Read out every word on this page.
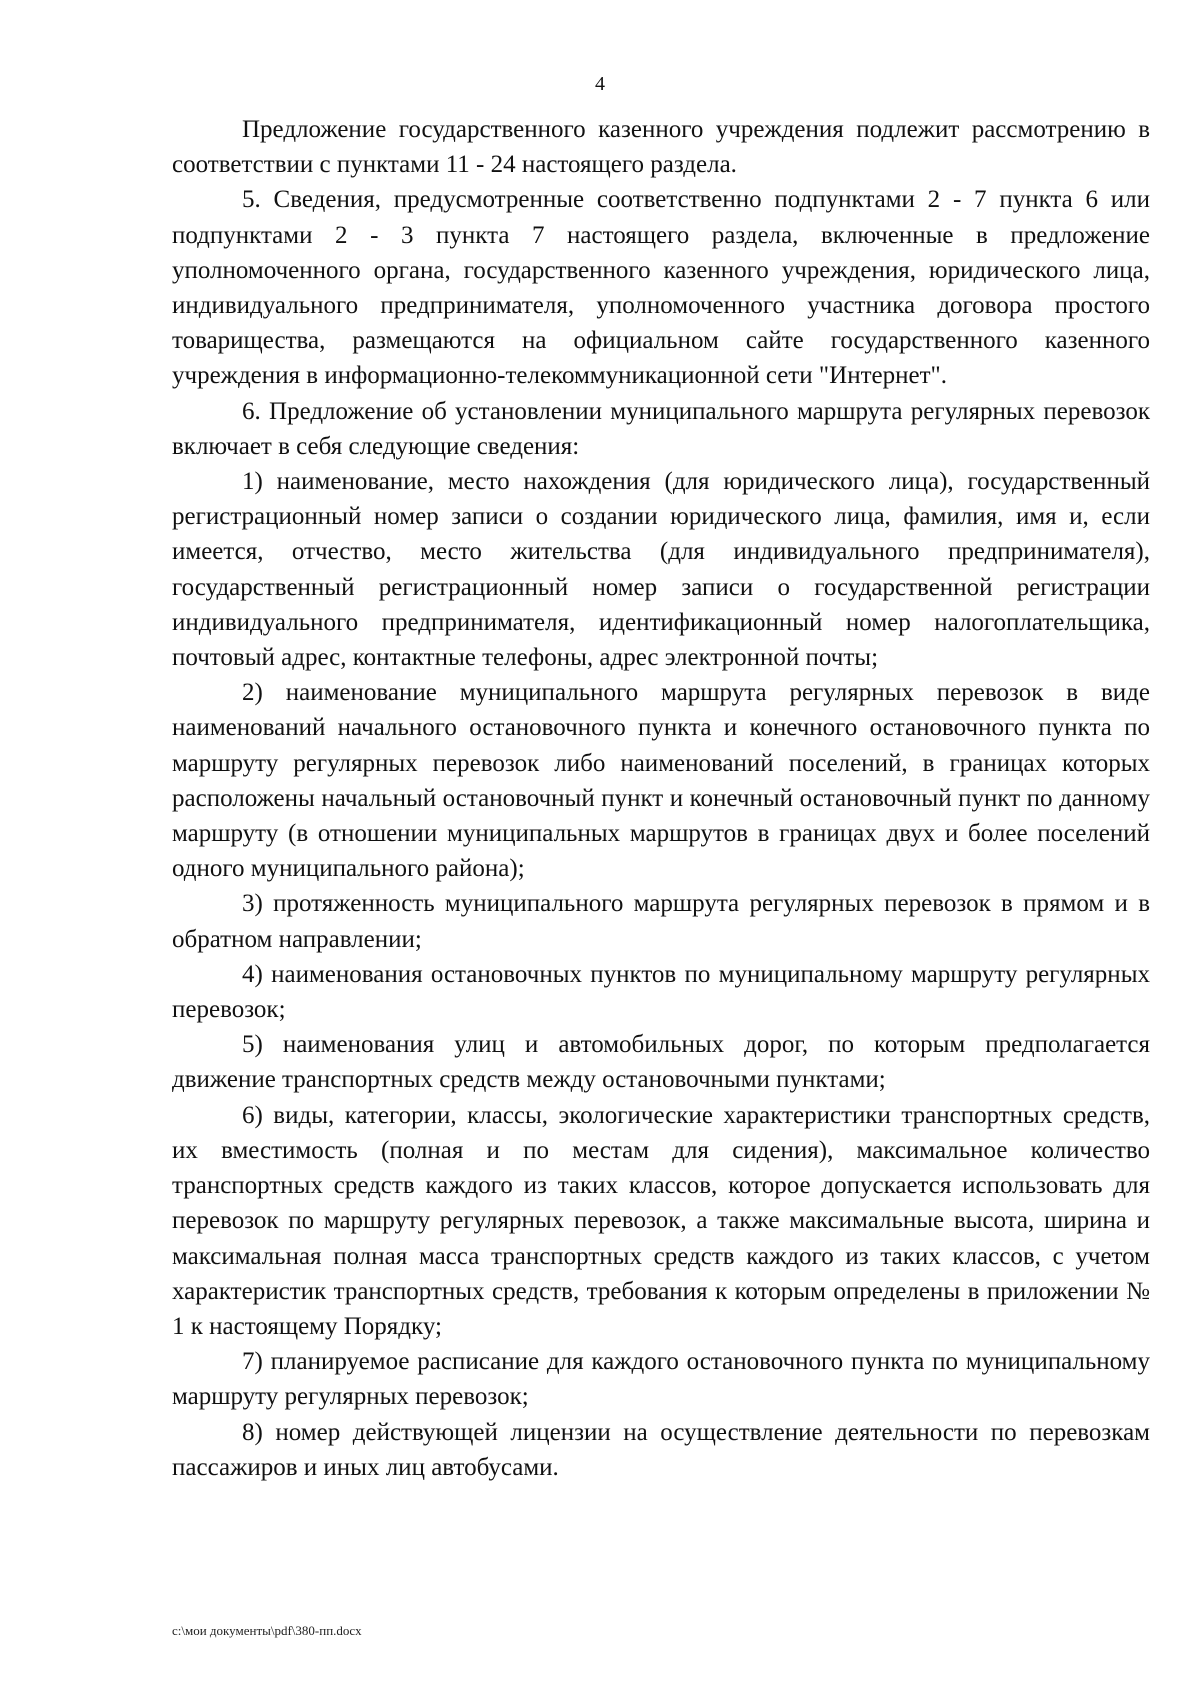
4

Предложение государственного казенного учреждения подлежит рассмотрению в соответствии с пунктами 11 - 24 настоящего раздела.

5. Сведения, предусмотренные соответственно подпунктами 2 - 7 пункта 6 или подпунктами 2 - 3 пункта 7 настоящего раздела, включенные в предложение уполномоченного органа, государственного казенного учреждения, юридического лица, индивидуального предпринимателя, уполномоченного участника договора простого товарищества, размещаются на официальном сайте государственного казенного учреждения в информационно-телекоммуникационной сети "Интернет".

6. Предложение об установлении муниципального маршрута регулярных перевозок включает в себя следующие сведения:

1) наименование, место нахождения (для юридического лица), государственный регистрационный номер записи о создании юридического лица, фамилия, имя и, если имеется, отчество, место жительства (для индивидуального предпринимателя), государственный регистрационный номер записи о государственной регистрации индивидуального предпринимателя, идентификационный номер налогоплательщика, почтовый адрес, контактные телефоны, адрес электронной почты;

2) наименование муниципального маршрута регулярных перевозок в виде наименований начального остановочного пункта и конечного остановочного пункта по маршруту регулярных перевозок либо наименований поселений, в границах которых расположены начальный остановочный пункт и конечный остановочный пункт по данному маршруту (в отношении муниципальных маршрутов в границах двух и более поселений одного муниципального района);

3) протяженность муниципального маршрута регулярных перевозок в прямом и в обратном направлении;

4) наименования остановочных пунктов по муниципальному маршруту регулярных перевозок;

5) наименования улиц и автомобильных дорог, по которым предполагается движение транспортных средств между остановочными пунктами;

6) виды, категории, классы, экологические характеристики транспортных средств, их вместимость (полная и по местам для сидения), максимальное количество транспортных средств каждого из таких классов, которое допускается использовать для перевозок по маршруту регулярных перевозок, а также максимальные высота, ширина и максимальная полная масса транспортных средств каждого из таких классов, с учетом характеристик транспортных средств, требования к которым определены в приложении № 1 к настоящему Порядку;

7) планируемое расписание для каждого остановочного пункта по муниципальному маршруту регулярных перевозок;

8) номер действующей лицензии на осуществление деятельности по перевозкам пассажиров и иных лиц автобусами.

c:\мои документы\pdf\380-пп.docx
